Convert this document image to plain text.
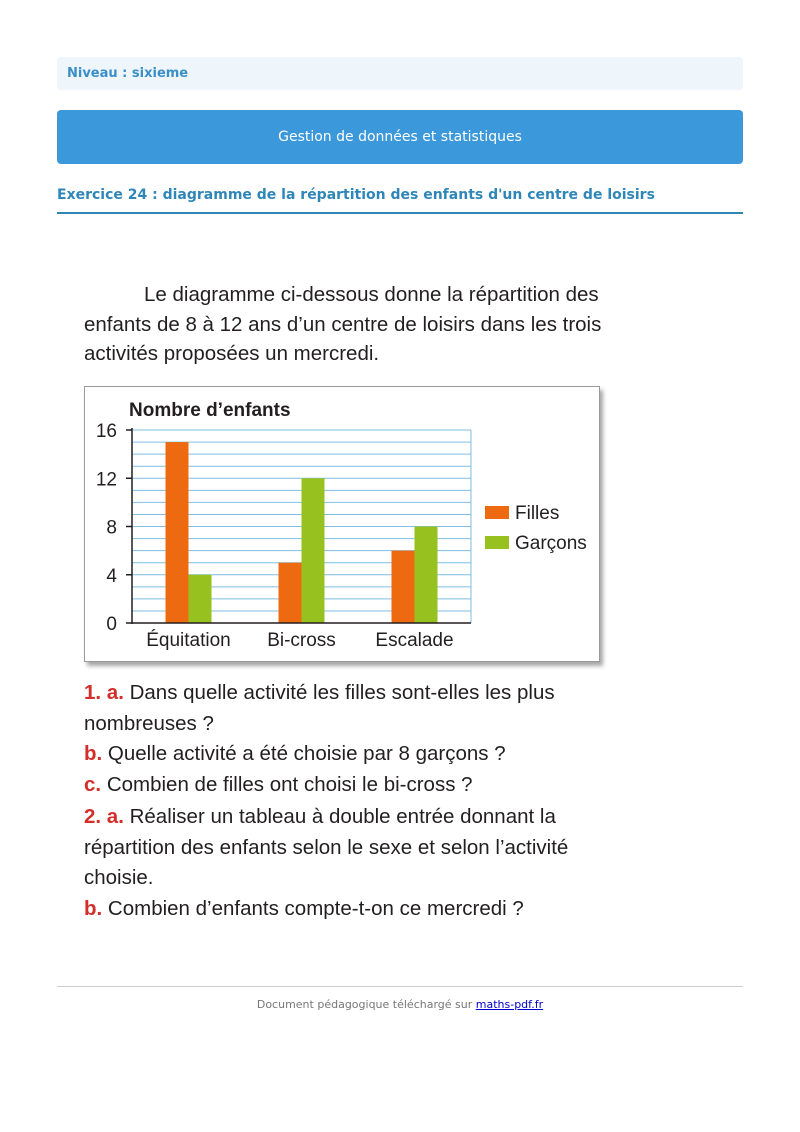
Niveau : sixieme
Gestion de données et statistiques
Exercice 24 : diagramme de la répartition des enfants d'un centre de loisirs

Le diagramme ci-dessous donne la répartition des enfants de 8 à 12 ans d’un centre de loisirs dans les trois activités proposées un mercredi.

Équitation Bi-cross Escalade
0
4
8
12
16
Nombre d’enfants
Filles
Garçons

1. a. Dans quelle activité les filles sont-elles les plus nombreuses ?

b. Quelle activité a été choisie par 8 garçons ?

c. Combien de filles ont choisi le bi-cross ?

2. a. Réaliser un tableau à double entrée donnant la répartition des enfants selon le sexe et selon l’activité choisie.

b. Combien d’enfants compte-t-on ce mercredi ?

Document pédagogique téléchargé sur maths-pdf.fr
